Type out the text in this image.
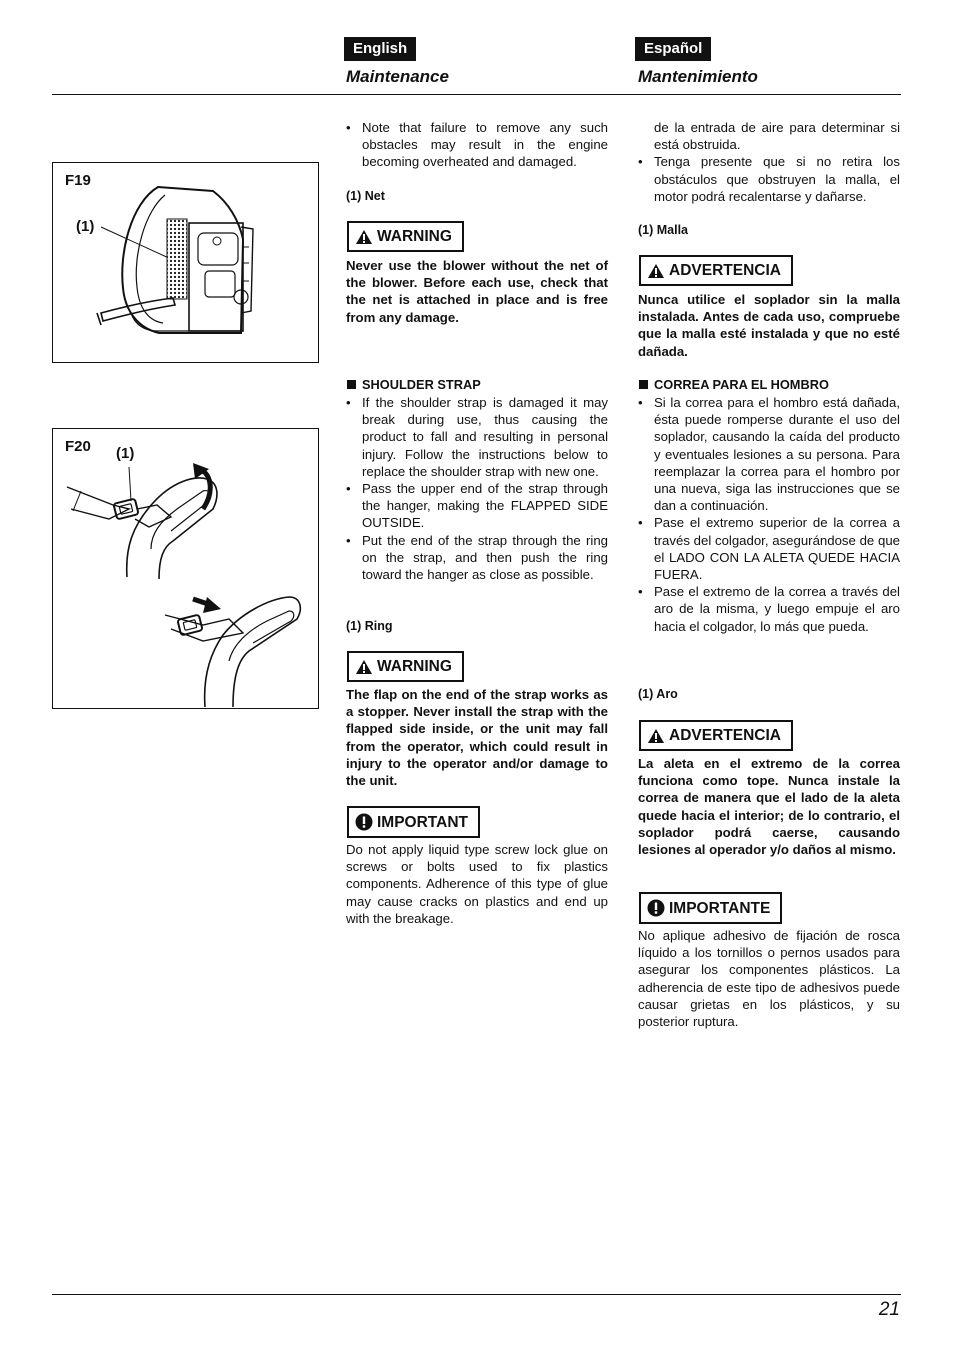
English	Español
Maintenance	Mantenimiento
F19
(1)
F20 (1)
• Note that failure to remove any such obstacles may result in the engine becoming overheated and damaged.
(1) Net
WARNING
Never use the blower without the net of the blower. Before each use, check that the net is attached in place and is free from any damage.
SHOULDER STRAP
• If the shoulder strap is damaged it may break during use, thus causing the product to fall and resulting in personal injury. Follow the instructions below to replace the shoulder strap with new one.
• Pass the upper end of the strap through the hanger, making the FLAPPED SIDE OUTSIDE.
• Put the end of the strap through the ring on the strap, and then push the ring toward the hanger as close as possible.
(1) Ring
WARNING
The flap on the end of the strap works as a stopper. Never install the strap with the flapped side inside, or the unit may fall from the operator, which could result in injury to the operator and/or damage to the unit.
IMPORTANT
Do not apply liquid type screw lock glue on screws or bolts used to fix plastics components. Adherence of this type of glue may cause cracks on plastics and end up with the breakage.
de la entrada de aire para determinar si está obstruida.
• Tenga presente que si no retira los obstáculos que obstruyen la malla, el motor podrá recalentarse y dañarse.
(1) Malla
ADVERTENCIA
Nunca utilice el soplador sin la malla instalada. Antes de cada uso, compruebe que la malla esté instalada y que no esté dañada.
CORREA PARA EL HOMBRO
• Si la correa para el hombro está dañada, ésta puede romperse durante el uso del soplador, causando la caída del producto y eventuales lesiones a su persona. Para reemplazar la correa para el hombro por una nueva, siga las instrucciones que se dan a continuación.
• Pase el extremo superior de la correa a través del colgador, asegurándose de que el LADO CON LA ALETA QUEDE HACIA FUERA.
• Pase el extremo de la correa a través del aro de la misma, y luego empuje el aro hacia el colgador, lo más que pueda.
(1) Aro
ADVERTENCIA
La aleta en el extremo de la correa funciona como tope. Nunca instale la correa de manera que el lado de la aleta quede hacia el interior; de lo contrario, el soplador podrá caerse, causando lesiones al operador y/o daños al mismo.
IMPORTANTE
No aplique adhesivo de fijación de rosca líquido a los tornillos o pernos usados para asegurar los componentes plásticos. La adherencia de este tipo de adhesivos puede causar grietas en los plásticos, y su posterior ruptura.
21
